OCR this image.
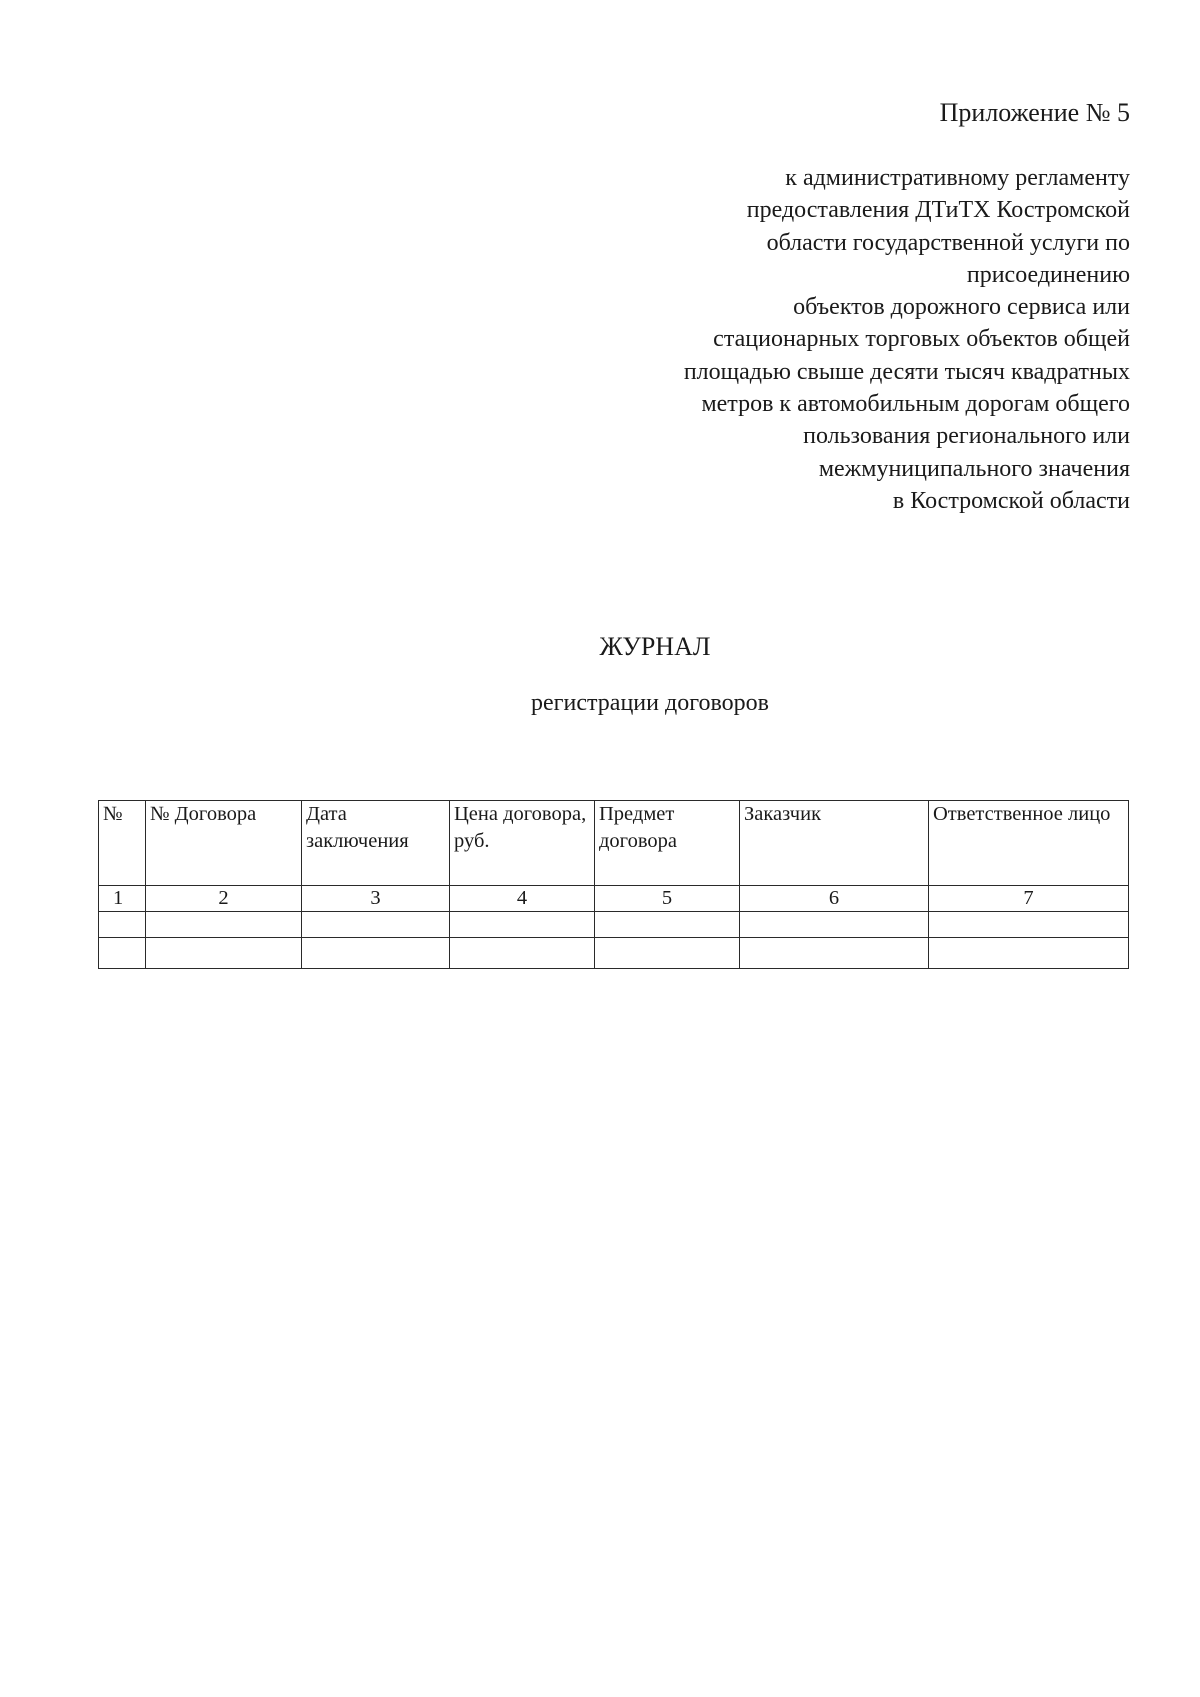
Приложение № 5

к административному регламенту
предоставления ДТиТХ Костромской
области государственной услуги по
присоединению
объектов дорожного сервиса или
стационарных торговых объектов общей
площадью свыше десяти тысяч квадратных
метров к автомобильным дорогам общего
пользования регионального или
межмуниципального значения
в Костромской области
ЖУРНАЛ

регистрации договоров

№	№ Договора	Дата заключения	Цена договора, руб.	Предмет договора	Заказчик	Ответственное лицо
1	2	3	4	5	6	7
